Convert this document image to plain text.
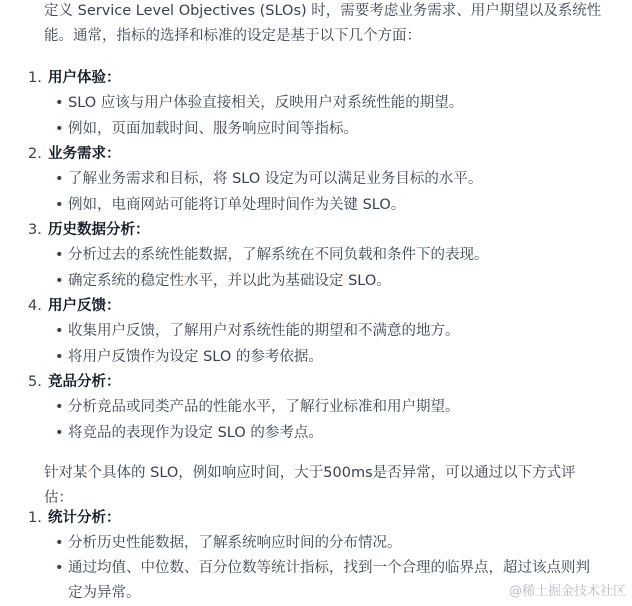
定义 Service Level Objectives (SLOs) 时，需要考虑业务需求、用户期望以及系统性能。通常，指标的选择和标准的设定是基于以下几个方面：

1. 用户体验：
• SLO 应该与用户体验直接相关，反映用户对系统性能的期望。
• 例如，页面加载时间、服务响应时间等指标。
2. 业务需求：
• 了解业务需求和目标，将 SLO 设定为可以满足业务目标的水平。
• 例如，电商网站可能将订单处理时间作为关键 SLO。
3. 历史数据分析：
• 分析过去的系统性能数据，了解系统在不同负载和条件下的表现。
• 确定系统的稳定性水平，并以此为基础设定 SLO。
4. 用户反馈：
• 收集用户反馈，了解用户对系统性能的期望和不满意的地方。
• 将用户反馈作为设定 SLO 的参考依据。
5. 竞品分析：
• 分析竞品或同类产品的性能水平，了解行业标准和用户期望。
• 将竞品的表现作为设定 SLO 的参考点。

针对某个具体的 SLO，例如响应时间，大于500ms是否异常，可以通过以下方式评估：

1. 统计分析：
• 分析历史性能数据，了解系统响应时间的分布情况。
• 通过均值、中位数、百分位数等统计指标，找到一个合理的临界点，超过该点则判定为异常。	@稀土掘金技术社区
